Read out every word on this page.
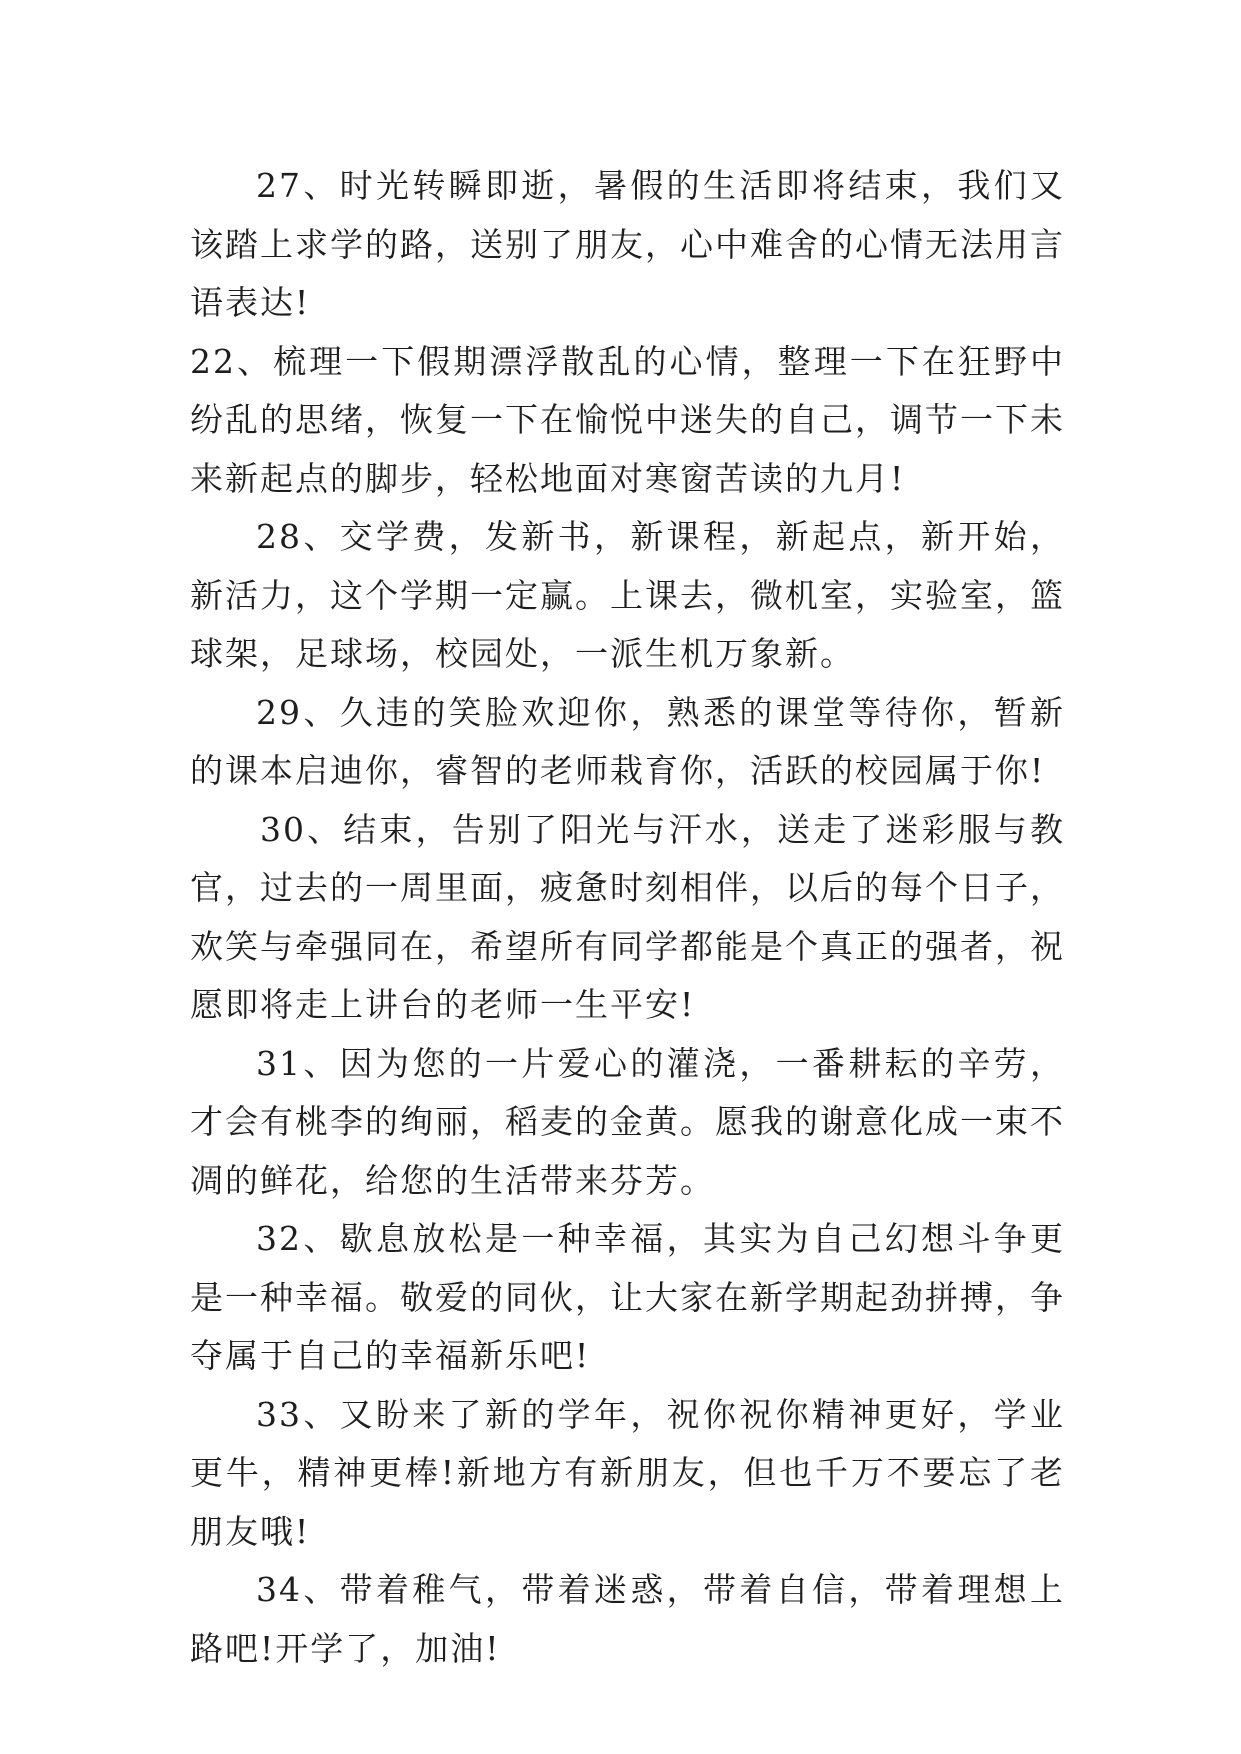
27、时光转瞬即逝，暑假的生活即将结束，我们又该踏上求学的路，送别了朋友，心中难舍的心情无法用言语表达!

22、梳理一下假期漂浮散乱的心情，整理一下在狂野中纷乱的思绪，恢复一下在愉悦中迷失的自己，调节一下未来新起点的脚步，轻松地面对寒窗苦读的九月!

28、交学费，发新书，新课程，新起点，新开始，新活力，这个学期一定赢。上课去，微机室，实验室，篮球架，足球场，校园处，一派生机万象新。

29、久违的笑脸欢迎你，熟悉的课堂等待你，暂新的课本启迪你，睿智的老师栽育你，活跃的校园属于你!

30、结束，告别了阳光与汗水，送走了迷彩服与教官，过去的一周里面，疲惫时刻相伴，以后的每个日子，欢笑与牵强同在，希望所有同学都能是个真正的强者，祝愿即将走上讲台的老师一生平安!

31、因为您的一片爱心的灌浇，一番耕耘的辛劳，才会有桃李的绚丽，稻麦的金黄。愿我的谢意化成一束不凋的鲜花，给您的生活带来芬芳。

32、歇息放松是一种幸福，其实为自己幻想斗争更是一种幸福。敬爱的同伙，让大家在新学期起劲拼搏，争夺属于自己的幸福新乐吧!

33、又盼来了新的学年，祝你祝你精神更好，学业更牛，精神更棒!新地方有新朋友，但也千万不要忘了老朋友哦!

34、带着稚气，带着迷惑，带着自信，带着理想上路吧!开学了，加油!
